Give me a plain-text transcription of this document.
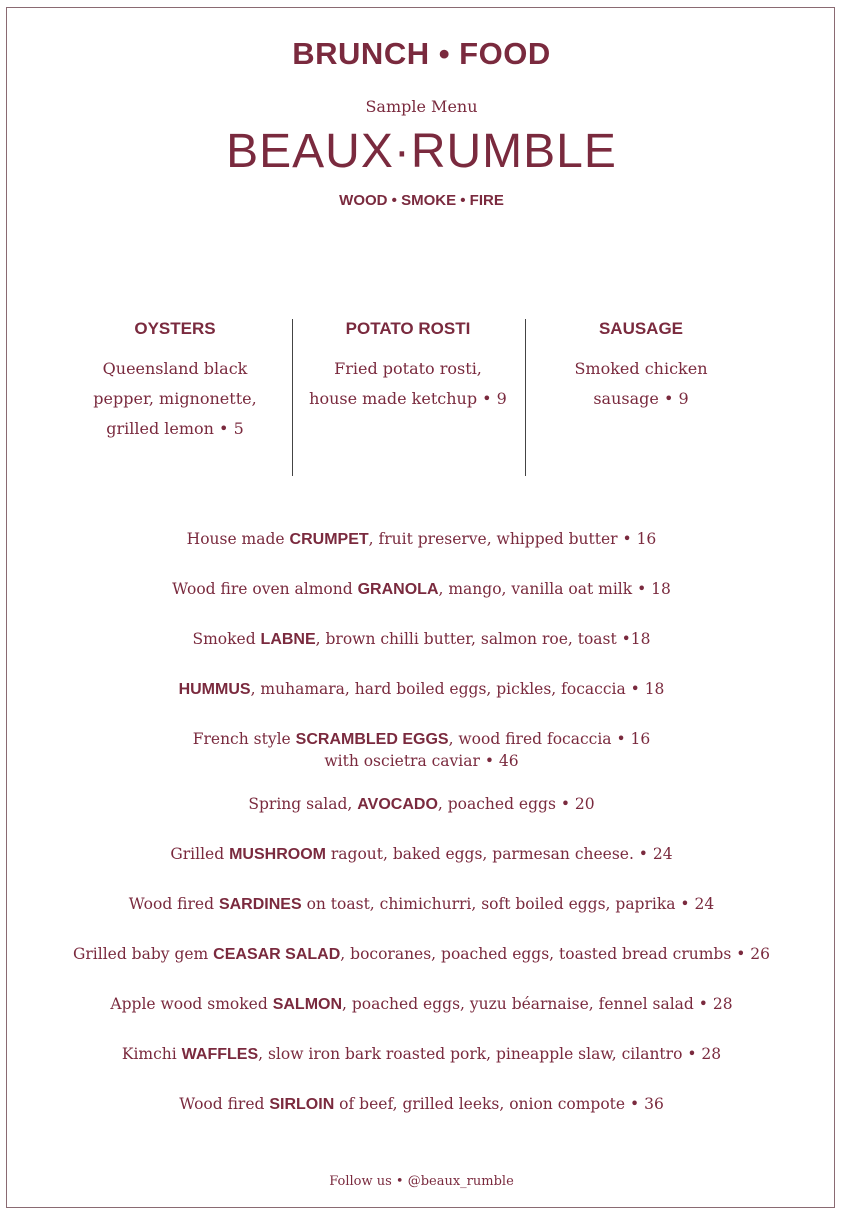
BRUNCH • FOOD
Sample Menu
BEAUX·RUMBLE
WOOD • SMOKE • FIRE
OYSTERS
Queensland black
pepper, mignonette,
grilled lemon • 5
POTATO ROSTI
Fried potato rosti,
house made ketchup • 9
SAUSAGE
Smoked chicken
sausage • 9
House made CRUMPET, fruit preserve, whipped butter • 16
Wood fire oven almond GRANOLA, mango, vanilla oat milk • 18
Smoked LABNE, brown chilli butter, salmon roe, toast •18
HUMMUS, muhamara, hard boiled eggs, pickles, focaccia • 18
French style SCRAMBLED EGGS, wood fired focaccia • 16
with oscietra caviar • 46
Spring salad, AVOCADO, poached eggs • 20
Grilled MUSHROOM ragout, baked eggs, parmesan cheese. • 24
Wood fired SARDINES on toast, chimichurri, soft boiled eggs, paprika • 24
Grilled baby gem CEASAR SALAD, bocoranes, poached eggs, toasted bread crumbs • 26
Apple wood smoked SALMON, poached eggs, yuzu béarnaise, fennel salad • 28
Kimchi WAFFLES, slow iron bark roasted pork, pineapple slaw, cilantro • 28
Wood fired SIRLOIN of beef, grilled leeks, onion compote • 36
Follow us • @beaux_rumble
